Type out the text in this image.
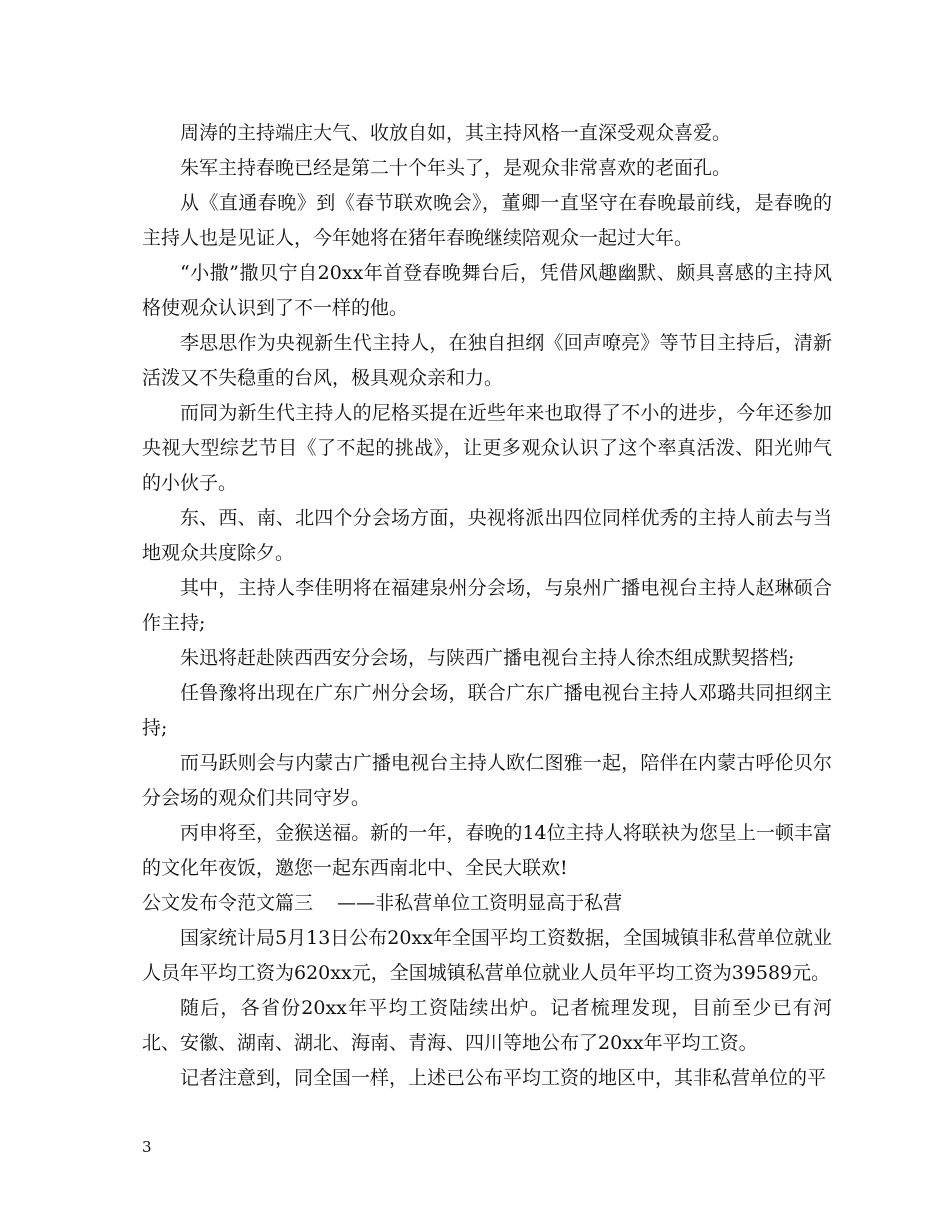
周涛的主持端庄大气、收放自如，其主持风格一直深受观众喜爱。

朱军主持春晚已经是第二十个年头了，是观众非常喜欢的老面孔。

从《直通春晚》到《春节联欢晚会》，董卿一直坚守在春晚最前线，是春晚的主持人也是见证人，今年她将在猪年春晚继续陪观众一起过大年。

“小撒”撒贝宁自20xx年首登春晚舞台后，凭借风趣幽默、颇具喜感的主持风格使观众认识到了不一样的他。

李思思作为央视新生代主持人，在独自担纲《回声嘹亮》等节目主持后，清新活泼又不失稳重的台风，极具观众亲和力。

而同为新生代主持人的尼格买提在近些年来也取得了不小的进步，今年还参加央视大型综艺节目《了不起的挑战》，让更多观众认识了这个率真活泼、阳光帅气的小伙子。

东、西、南、北四个分会场方面，央视将派出四位同样优秀的主持人前去与当地观众共度除夕。

其中，主持人李佳明将在福建泉州分会场，与泉州广播电视台主持人赵琳硕合作主持;

朱迅将赶赴陕西西安分会场，与陕西广播电视台主持人徐杰组成默契搭档;

任鲁豫将出现在广东广州分会场，联合广东广播电视台主持人邓璐共同担纲主持;

而马跃则会与内蒙古广播电视台主持人欧仁图雅一起，陪伴在内蒙古呼伦贝尔分会场的观众们共同守岁。

丙申将至，金猴送福。新的一年，春晚的14位主持人将联袂为您呈上一顿丰富的文化年夜饭，邀您一起东西南北中、全民大联欢!

公文发布令范文篇三    ——非私营单位工资明显高于私营

国家统计局5月13日公布20xx年全国平均工资数据，全国城镇非私营单位就业人员年平均工资为620xx元，全国城镇私营单位就业人员年平均工资为39589元。

随后，各省份20xx年平均工资陆续出炉。记者梳理发现，目前至少已有河北、安徽、湖南、湖北、海南、青海、四川等地公布了20xx年平均工资。

记者注意到，同全国一样，上述已公布平均工资的地区中，其非私营单位的平

3
